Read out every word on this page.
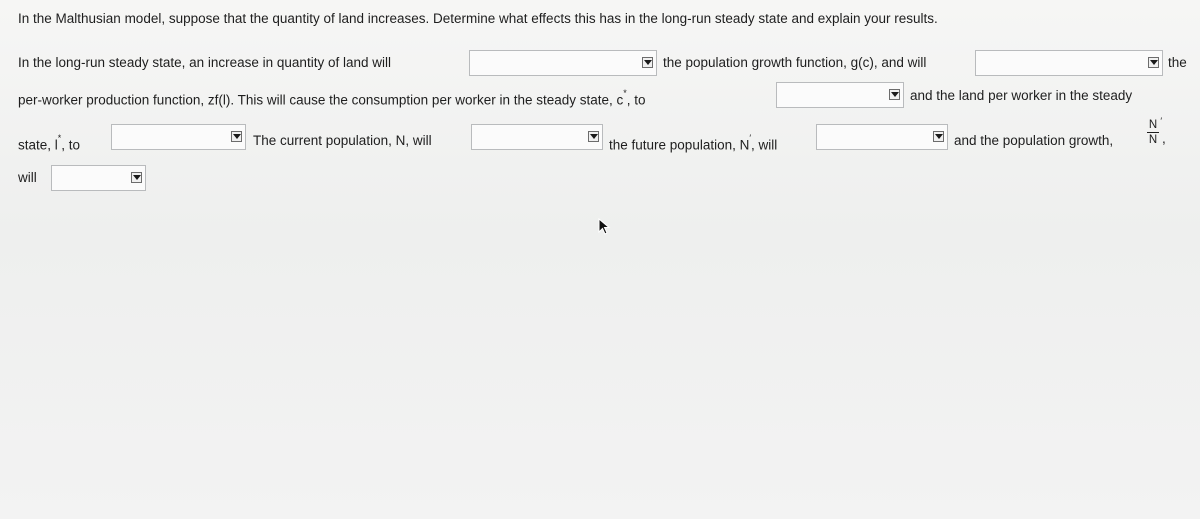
In the Malthusian model, suppose that the quantity of land increases. Determine what effects this has in the long-run steady state and explain your results.
In the long-run steady state, an increase in quantity of land will	the population growth function, g(c), and will	the
per-worker production function, zf(l). This will cause the consumption per worker in the steady state, c*, to	and the land per worker in the steady
state, l*, to	The current population, N, will	the future population, N′, will	and the population growth,
N ′
N ,
will
